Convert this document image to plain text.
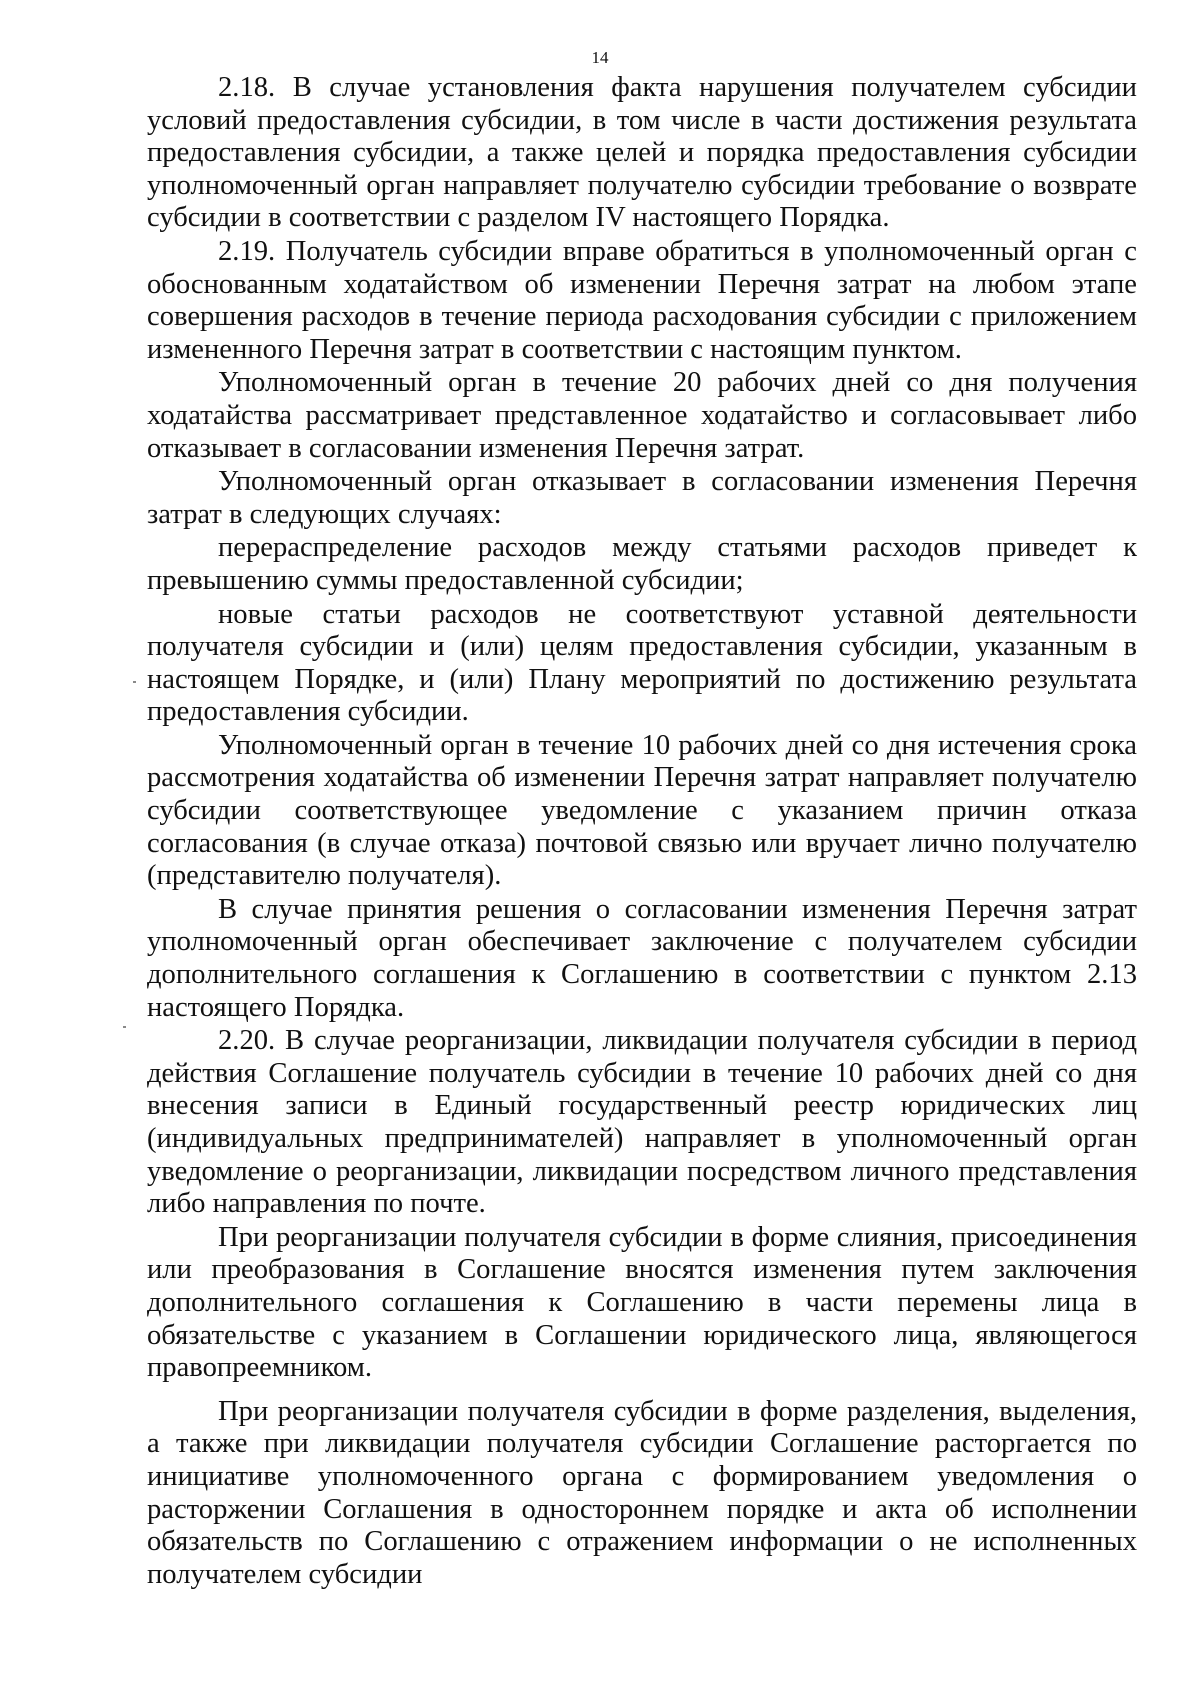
14

2.18. В случае установления факта нарушения получателем субсидии условий предоставления субсидии, в том числе в части достижения результата предоставления субсидии, а также целей и порядка предоставления субсидии уполномоченный орган направляет получателю субсидии требование о возврате субсидии в соответствии с разделом IV настоящего Порядка.

2.19. Получатель субсидии вправе обратиться в уполномоченный орган с обоснованным ходатайством об изменении Перечня затрат на любом этапе совершения расходов в течение периода расходования субсидии с приложением измененного Перечня затрат в соответствии с настоящим пунктом.

Уполномоченный орган в течение 20 рабочих дней со дня получения ходатайства рассматривает представленное ходатайство и согласовывает либо отказывает в согласовании изменения Перечня затрат.

Уполномоченный орган отказывает в согласовании изменения Перечня затрат в следующих случаях:

перераспределение расходов между статьями расходов приведет к превышению суммы предоставленной субсидии;

новые статьи расходов не соответствуют уставной деятельности получателя субсидии и (или) целям предоставления субсидии, указанным в настоящем Порядке, и (или) Плану мероприятий по достижению результата предоставления субсидии.

Уполномоченный орган в течение 10 рабочих дней со дня истечения срока рассмотрения ходатайства об изменении Перечня затрат направляет получателю субсидии соответствующее уведомление с указанием причин отказа согласования (в случае отказа) почтовой связью или вручает лично получателю (представителю получателя).

В случае принятия решения о согласовании изменения Перечня затрат уполномоченный орган обеспечивает заключение с получателем субсидии дополнительного соглашения к Соглашению в соответствии с пунктом 2.13 настоящего Порядка.

2.20. В случае реорганизации, ликвидации получателя субсидии в период действия Соглашение получатель субсидии в течение 10 рабочих дней со дня внесения записи в Единый государственный реестр юридических лиц (индивидуальных предпринимателей) направляет в уполномоченный орган уведомление о реорганизации, ликвидации посредством личного представления либо направления по почте.

При реорганизации получателя субсидии в форме слияния, присоединения или преобразования в Соглашение вносятся изменения путем заключения дополнительного соглашения к Соглашению в части перемены лица в обязательстве с указанием в Соглашении юридического лица, являющегося правопреемником.

При реорганизации получателя субсидии в форме разделения, выделения, а также при ликвидации получателя субсидии Соглашение расторгается по инициативе уполномоченного органа с формированием уведомления о расторжении Соглашения в одностороннем порядке и акта об исполнении обязательств по Соглашению с отражением информации о не исполненных получателем субсидии
